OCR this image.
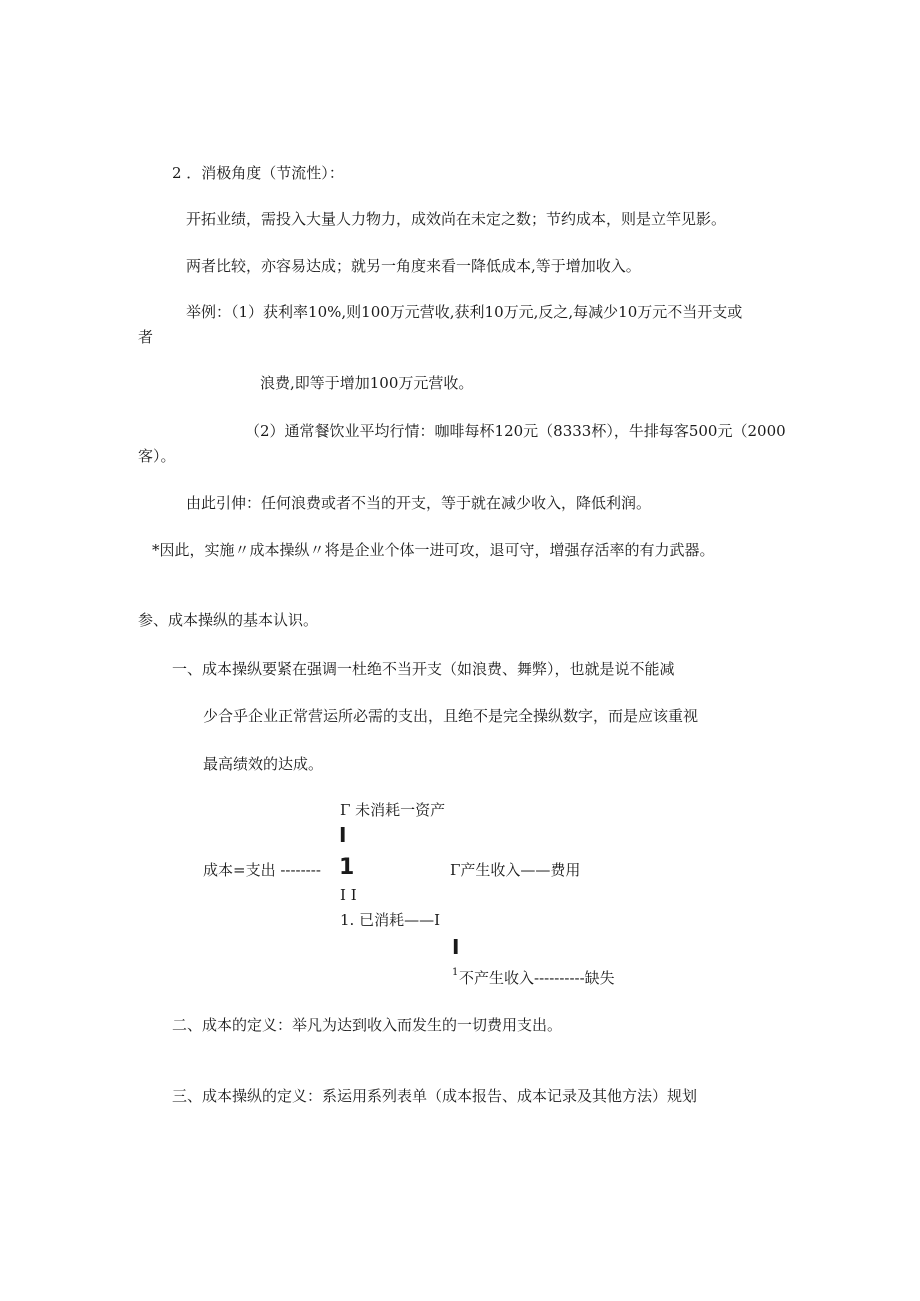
2 ．消极角度（节流性）：

开拓业绩，需投入大量人力物力，成效尚在未定之数；节约成本，则是立竿见影。

两者比较，亦容易达成；就另一角度来看一降低成本,等于增加收入。

举例：（1）获利率10%,则100万元营收,获利10万元,反之,每减少10万元不当开支或

者

浪费,即等于增加100万元营收。

（2）通常餐饮业平均行情：咖啡每杯120元（8333杯），牛排每客500元（2000

客）。

由此引伸：任何浪费或者不当的开支，等于就在减少收入，降低利润。

*因此，实施〃成本操纵〃将是企业个体一进可攻，退可守，增强存活率的有力武器。

参、成本操纵的基本认识。

一、成本操纵要紧在强调一杜绝不当开支（如浪费、舞弊），也就是说不能减

少合乎企业正常营运所必需的支出，且绝不是完全操纵数字，而是应该重视

最高绩效的达成。

Γ 未消耗一资产

I

成本=支出 -------- 1	Γ产生收入——费用

I I

1. 已消耗——I

I
1 不产生收入----------缺失

二、成本的定义：举凡为达到收入而发生的一切费用支出。

三、成本操纵的定义：系运用系列表单（成本报告、成本记录及其他方法）规划
